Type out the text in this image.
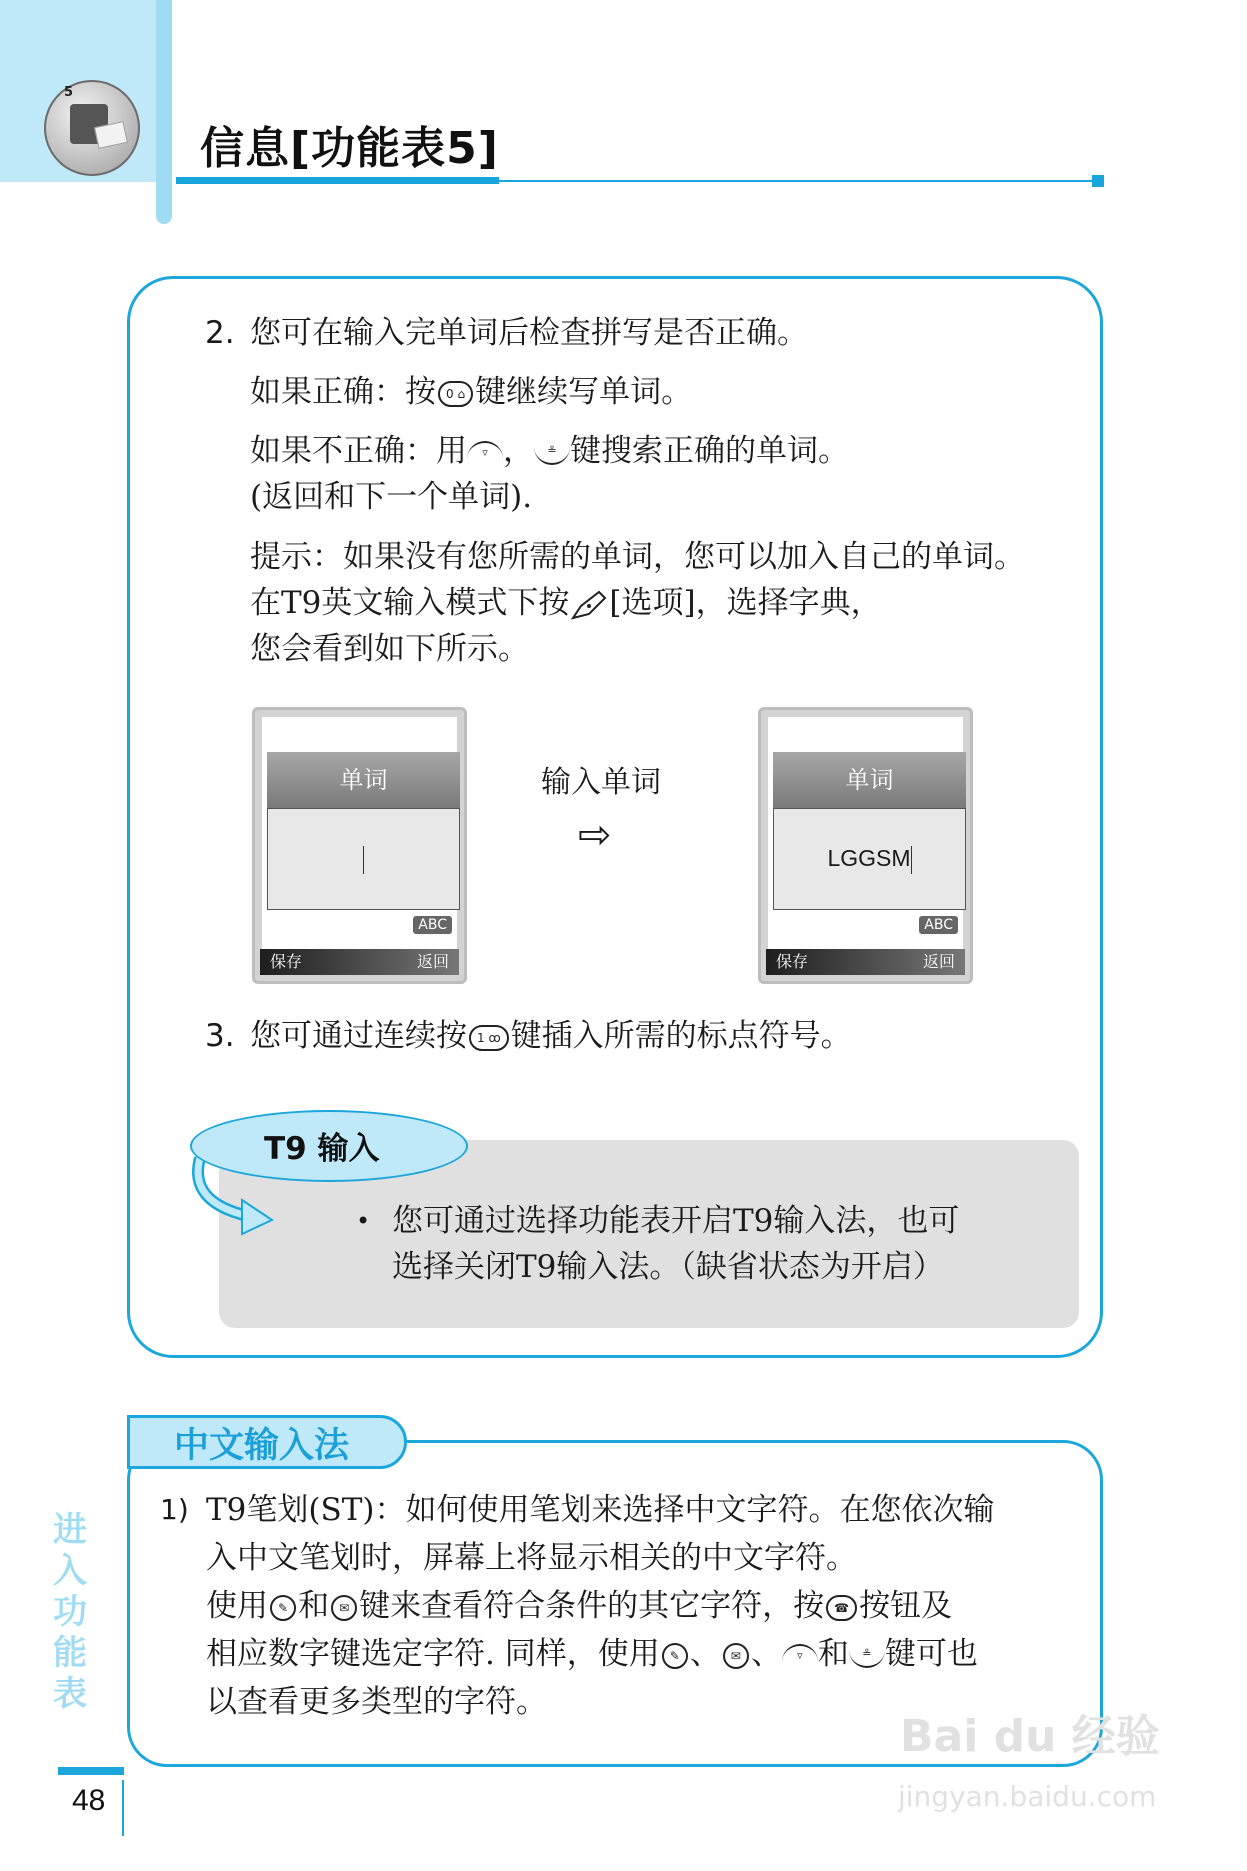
5
信息[功能表5]
2. 您可在输入完单词后检查拼写是否正确。
如果正确：按 0 ⌂ 键继续写单词。
如果不正确：用 ▿ ， ≗ 键搜索正确的单词。
(返回和下一个单词).
提示：如果没有您所需的单词，您可以加入自己的单词。
在T9英文输入模式下按 [选项]，选择字典，
您会看到如下所示。
单词
ABC
保存	返回
输入单词
⇨
单词
LGGSM
ABC
保存	返回
3. 您可通过连续按 1 ꝏ 键插入所需的标点符号。
T9 输入
• 您可通过选择功能表开启T9输入法，也可
选择关闭T9输入法。（缺省状态为开启）
中文输入法
1) T9笔划(ST)：如何使用笔划来选择中文字符。在您依次输
入中文笔划时，屏幕上将显示相关的中文字符。
使用 ✎ 和 ✉ 键来查看符合条件的其它字符，按 ☎ 按钮及
相应数字键选定字符. 同样，使用 ✎ 、 ✉ 、 ▿ 和 ≗ 键可也
以查看更多类型的字符。
进入功能表
48
Bai du 经验
jingyan.baidu.com
